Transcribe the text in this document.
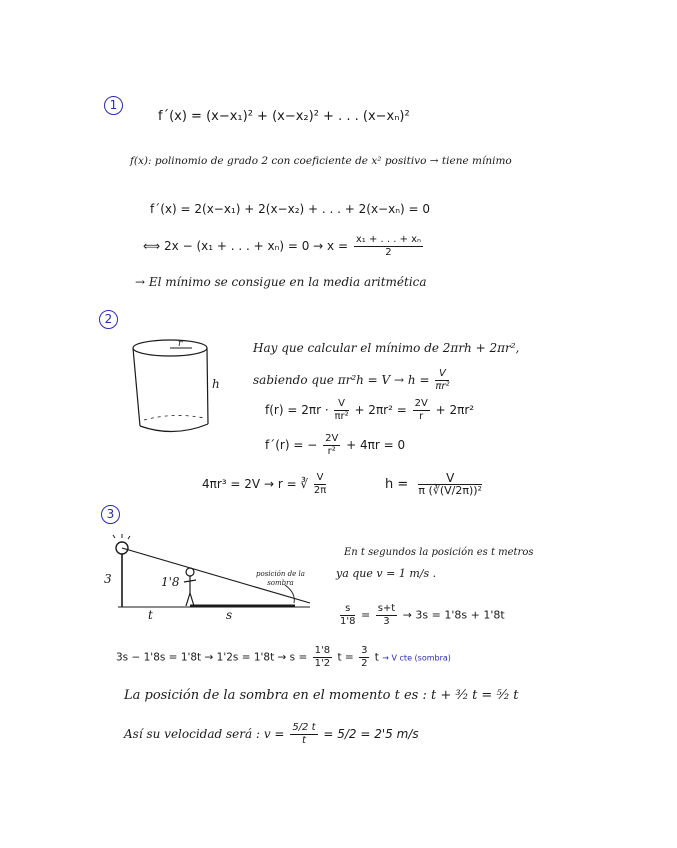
1
f´(x) = (x−x₁)² + (x−x₂)² + . . . (x−xₙ)²
f(x): polinomio de grado 2 con coeficiente de x² positivo → tiene mínimo
f´(x) = 2(x−x₁) + 2(x−x₂) + . . . + 2(x−xₙ) = 0
⟺ 2x − (x₁ + . . . + $x_n) = 0 \to x = \frac{\text{x₁ + . . . + xₙ}}{2}$
→ El mínimo se consigue en la media aritmética
2
r
h
Hay que calcular el mínimo de 2πrh + 2πr²,
sabiendo que $\pi r^2h = V \to h = \frac{V}{\text{πr²}}$
$f(r) = 2\pi r \cdot \frac{V}{\text{πr²}} + 2\pi r^2 = \frac{2V}{r} + 2\pi r^2$
f´(r) = − $\frac{2V}{\text{r²}} + 4\pi r = 0$
4πr³ = 2V → r = ∛ $\frac{V}{2\pi}$	$h = \frac{V}{\text{π (∛(V/2π))²}}$
3
3	1'8
t	s
posición de la
sombra
En t segundos la posición es t metros
ya que v = 1 m/s .
$\frac{s}{1'8} = \frac{s+t}{3} \to 3s = 1'8s + 1'8t$
$3s - 1'8s = 1'8t \to 1'2s = 1'8t \to s = \frac{1'8}{1'2}$ $t = \frac{3}{2}$ t → V cte (sombra)
La posición de la sombra en el momento t es : t + ³⁄₂ t = ⁵⁄₂ t
Así su velocidad será : $v = \frac{5/2 t}{t} = 5/2 = 2'5$ m/s
